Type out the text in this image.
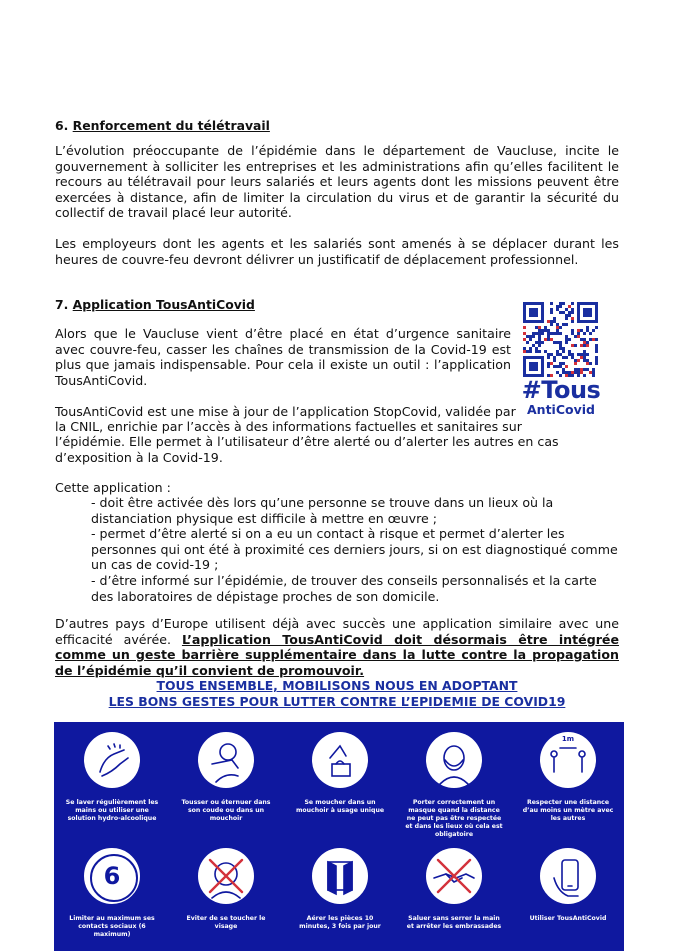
6. Renforcement du télétravail
L’évolution préoccupante de l’épidémie dans le département de Vaucluse, incite le gouvernement à solliciter les entreprises et les administrations afin qu’elles facilitent le recours au télétravail pour leurs salariés et leurs agents dont les missions peuvent être exercées à distance, afin de limiter la circulation du virus et de garantir la sécurité du collectif de travail placé leur autorité.
Les employeurs dont les agents et les salariés sont amenés à se déplacer durant les heures de couvre-feu devront délivrer un justificatif de déplacement professionnel.
7. Application TousAntiCovid
Alors que le Vaucluse vient d’être placé en état d’urgence sanitaire avec couvre-feu, casser les chaînes de transmission de la Covid-19 est plus que jamais indispensable. Pour cela il existe un outil : l’application TousAntiCovid.
TousAntiCovid est une mise à jour de l’application StopCovid, validée par
la CNIL, enrichie par l’accès à des informations factuelles et sanitaires sur
l’épidémie. Elle permet à l’utilisateur d’être alerté ou d’alerter les autres en cas d’exposition à la Covid-19.
Cette application :
- doit être activée dès lors qu’une personne se trouve dans un lieux où la distanciation physique est difficile à mettre en œuvre ;
- permet d’être alerté si on a eu un contact à risque et permet d’alerter les personnes qui ont été à proximité ces derniers jours, si on est diagnostiqué comme un cas de covid-19 ;
- d’être informé sur l’épidémie, de trouver des conseils personnalisés et la carte des laboratoires de dépistage proches de son domicile.
D’autres pays d’Europe utilisent déjà avec succès une application similaire avec une efficacité avérée. L’application TousAntiCovid doit désormais être intégrée comme un geste barrière supplémentaire dans la lutte contre la propagation de l’épidémie qu’il convient de promouvoir.
#Tous
AntiCovid
TOUS ENSEMBLE, MOBILISONS NOUS EN ADOPTANT
LES BONS GESTES POUR LUTTER CONTRE L’EPIDEMIE DE COVID19
Se laver régulièrement les mains ou utiliser une solution hydro-alcoolique
Tousser ou éternuer dans son coude ou dans un mouchoir
Se moucher dans un mouchoir à usage unique
Porter correctement un masque quand la distance ne peut pas être respectée et dans les lieux où cela est obligatoire
1m
Respecter une distance d’au moins un mètre avec les autres
6
Limiter au maximum ses contacts sociaux (6 maximum)
Eviter de se toucher le visage
Aérer les pièces 10 minutes, 3 fois par jour
Saluer sans serrer la main et arrêter les embrassades
Utiliser TousAntiCovid
